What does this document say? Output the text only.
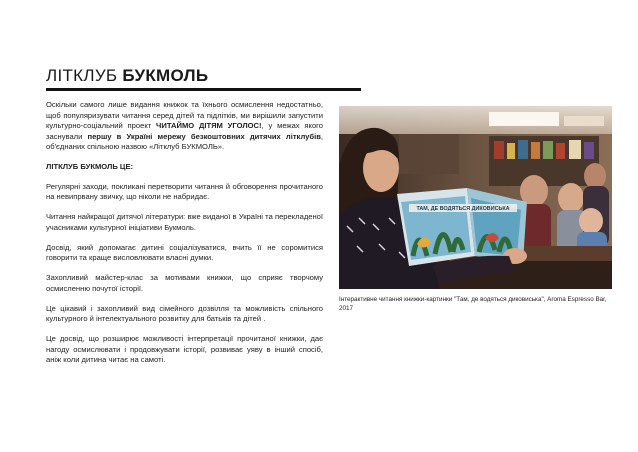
ЛІТКЛУБ БУКМОЛЬ

Оскільки самого лише видання книжок та їхнього осмислення недостатньо, щоб популяризувати читання серед дітей та підлітків, ми вирішили запустити культурно-соціальний проект ЧИТАЙМО ДІТЯМ УГОЛОС!, у межах якого заснували першу в Україні мережу безкоштовних дитячих літклубів, об'єднаних спільною назвою «Літклуб БУКМОЛЬ».

ЛІТКЛУБ БУКМОЛЬ ЦЕ:

Регулярні заходи, покликані перетворити читання й обговорення прочитаного на невипрвану звичку, що ніколи не набридає.

Читання найкращої дитячої літератури: вже виданої в Україні та перекладеної учасниками культурної ініціативи Букмоль.

Досвід, який допомагає дитині соціалізуватися, вчить її не соромитися говорити та краще висловлювати власні думки.

Захопливий майстер-клас за мотивами книжки, що сприяє творчому осмисленню почутої історії.

Це цікавий і захопливий вид сімейного дозвілля та можливість спільного культурного й інтелектуального розвитку для батьків та дітей .

Це досвід, що розширює можливості інтерпретації прочитаної книжки, дає нагоду осмислювати і продовжувати історії, розвиває уяву в інший спосіб, аніж коли дитина читає на самоті.

ТАМ, ДЕ ВОДЯТЬСЯ ДИКОВИСЬКА
Інтерактивне читання книжки-картинки "Там, де водяться дикoвиська", Aroma Espresso Bar, 2017
